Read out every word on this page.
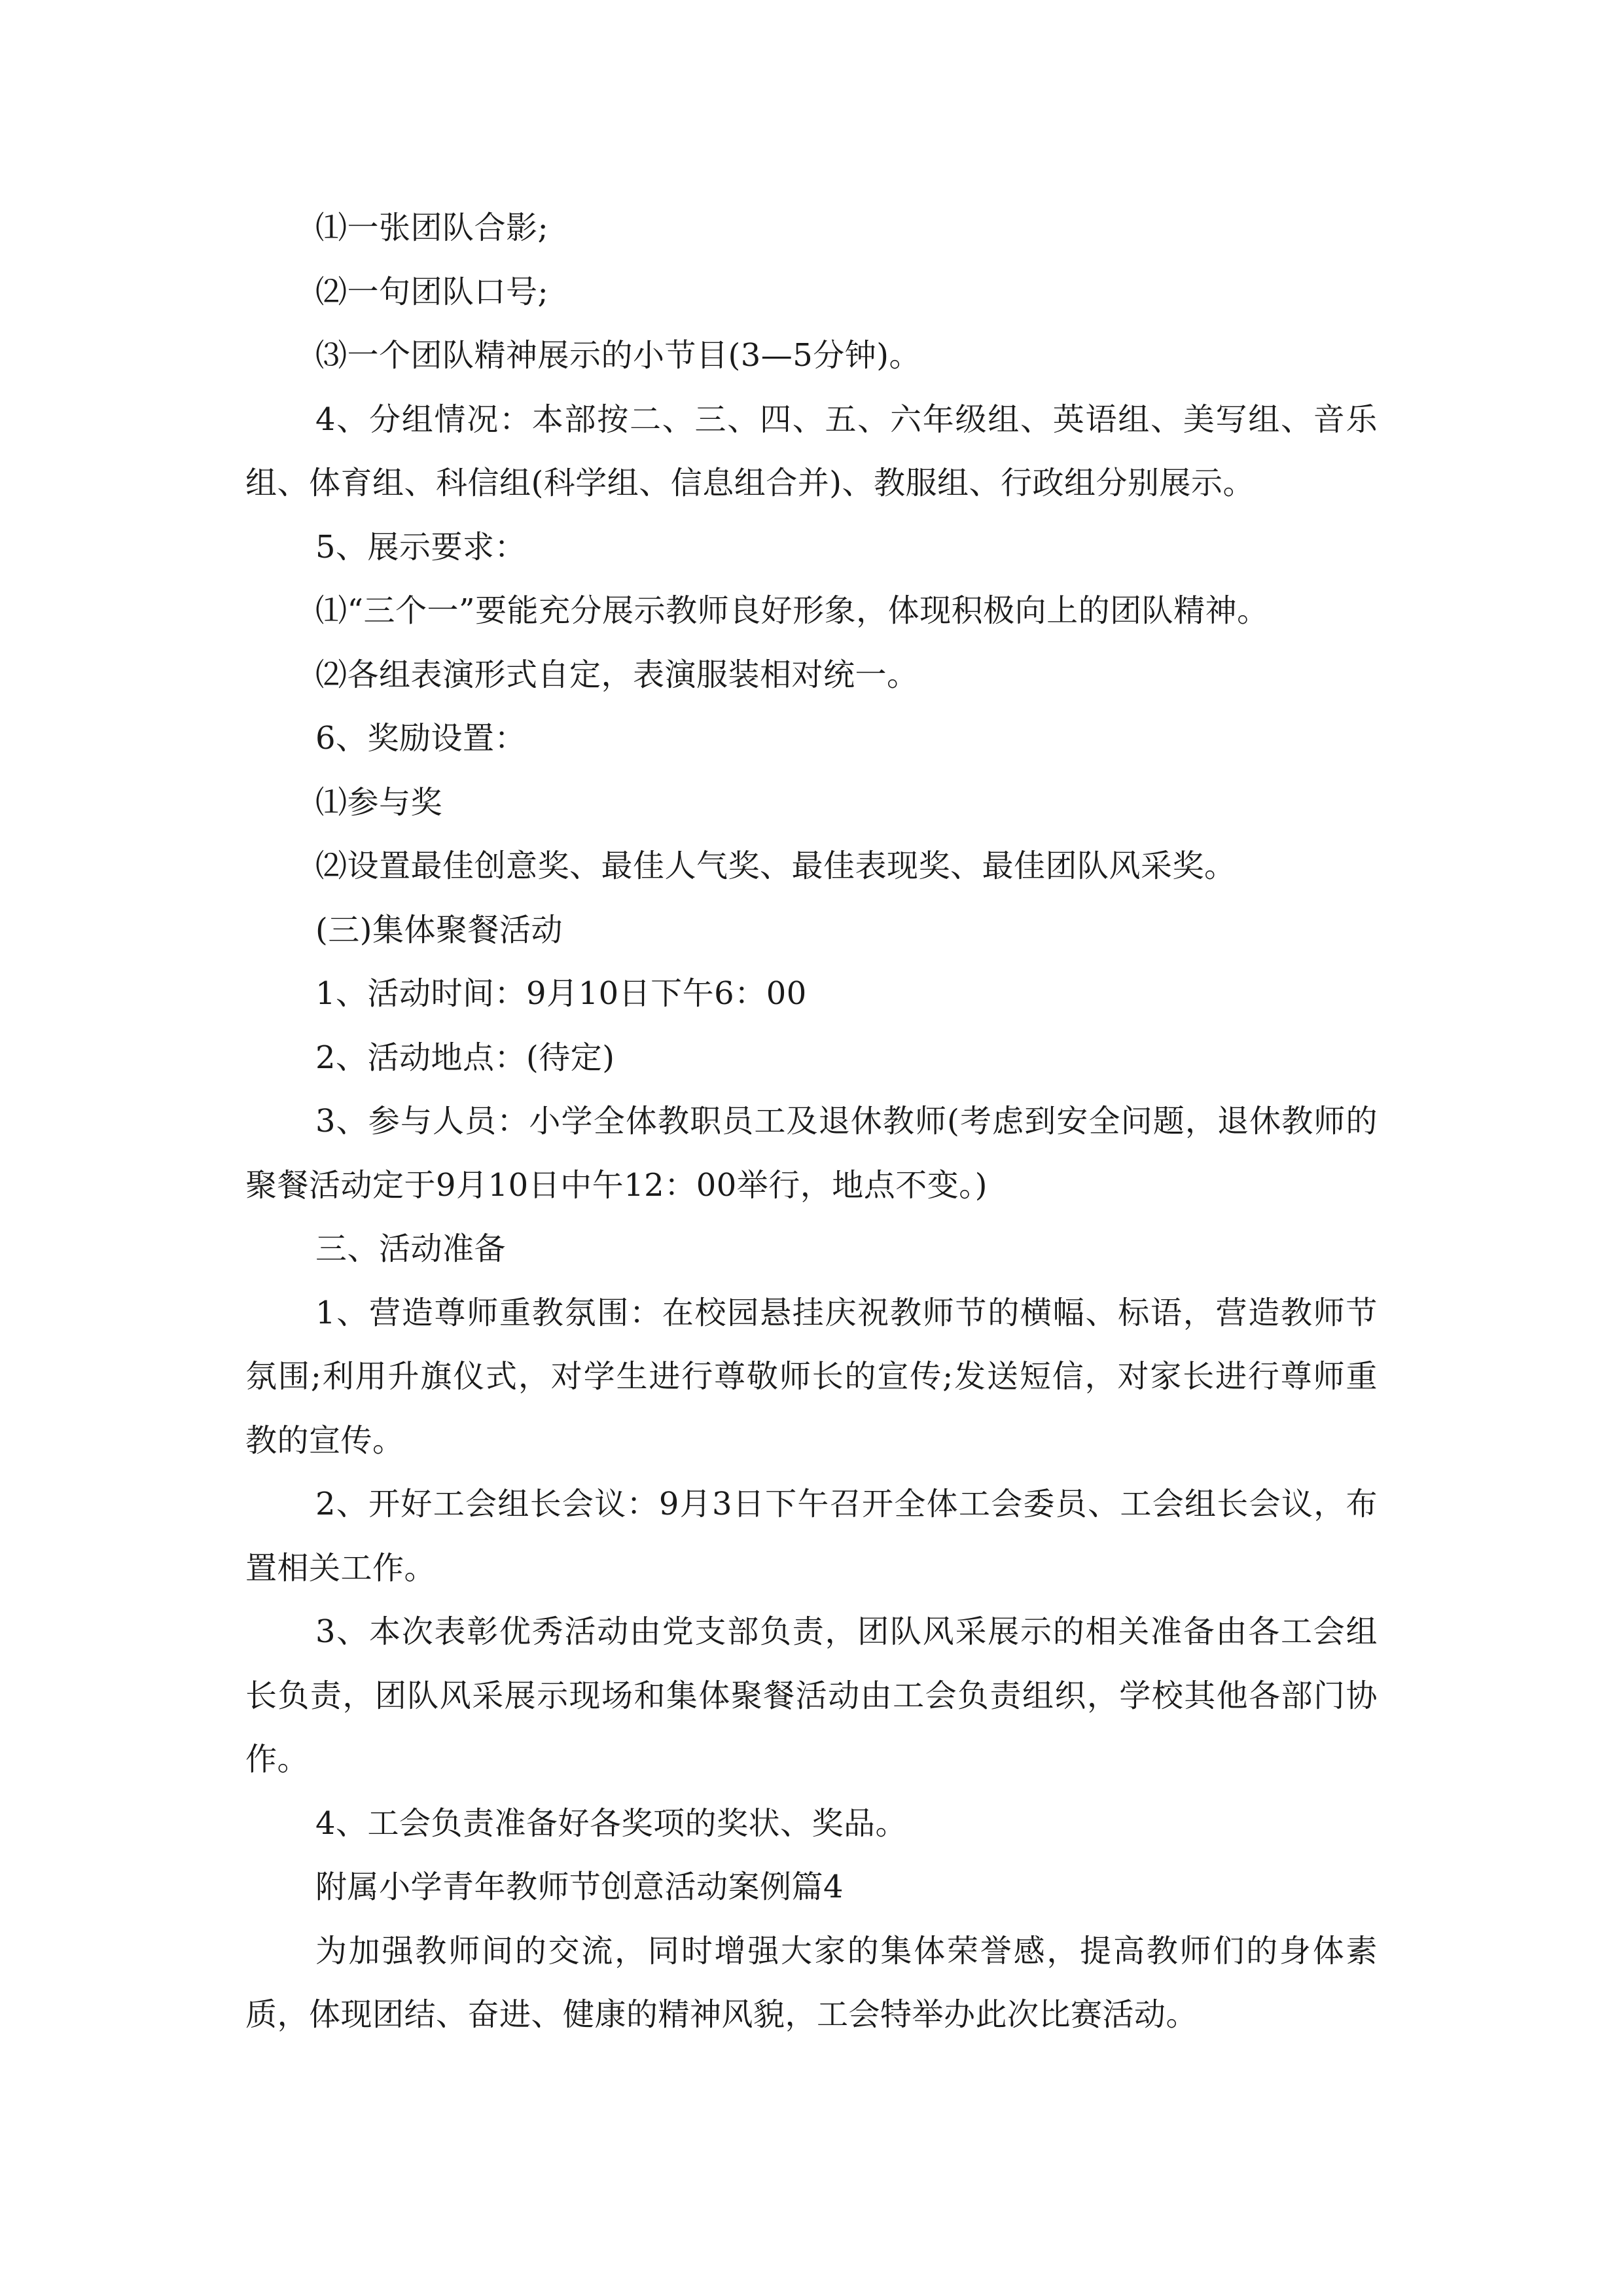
⑴一张团队合影;

⑵一句团队口号;

⑶一个团队精神展示的小节目(3—5分钟)。

4、分组情况：本部按二、三、四、五、六年级组、英语组、美写组、音乐组、体育组、科信组(科学组、信息组合并)、教服组、行政组分别展示。

5、展示要求：

⑴“三个一”要能充分展示教师良好形象，体现积极向上的团队精神。

⑵各组表演形式自定，表演服装相对统一。

6、奖励设置：

⑴参与奖

⑵设置最佳创意奖、最佳人气奖、最佳表现奖、最佳团队风采奖。

(三)集体聚餐活动

1、活动时间：9月10日下午6：00

2、活动地点：(待定)

3、参与人员：小学全体教职员工及退休教师(考虑到安全问题，退休教师的聚餐活动定于9月10日中午12：00举行，地点不变。)

三、活动准备

1、营造尊师重教氛围：在校园悬挂庆祝教师节的横幅、标语，营造教师节氛围;利用升旗仪式，对学生进行尊敬师长的宣传;发送短信，对家长进行尊师重教的宣传。

2、开好工会组长会议：9月3日下午召开全体工会委员、工会组长会议，布置相关工作。

3、本次表彰优秀活动由党支部负责，团队风采展示的相关准备由各工会组长负责，团队风采展示现场和集体聚餐活动由工会负责组织，学校其他各部门协作。

4、工会负责准备好各奖项的奖状、奖品。

附属小学青年教师节创意活动案例篇4

为加强教师间的交流，同时增强大家的集体荣誉感，提高教师们的身体素质，体现团结、奋进、健康的精神风貌，工会特举办此次比赛活动。
